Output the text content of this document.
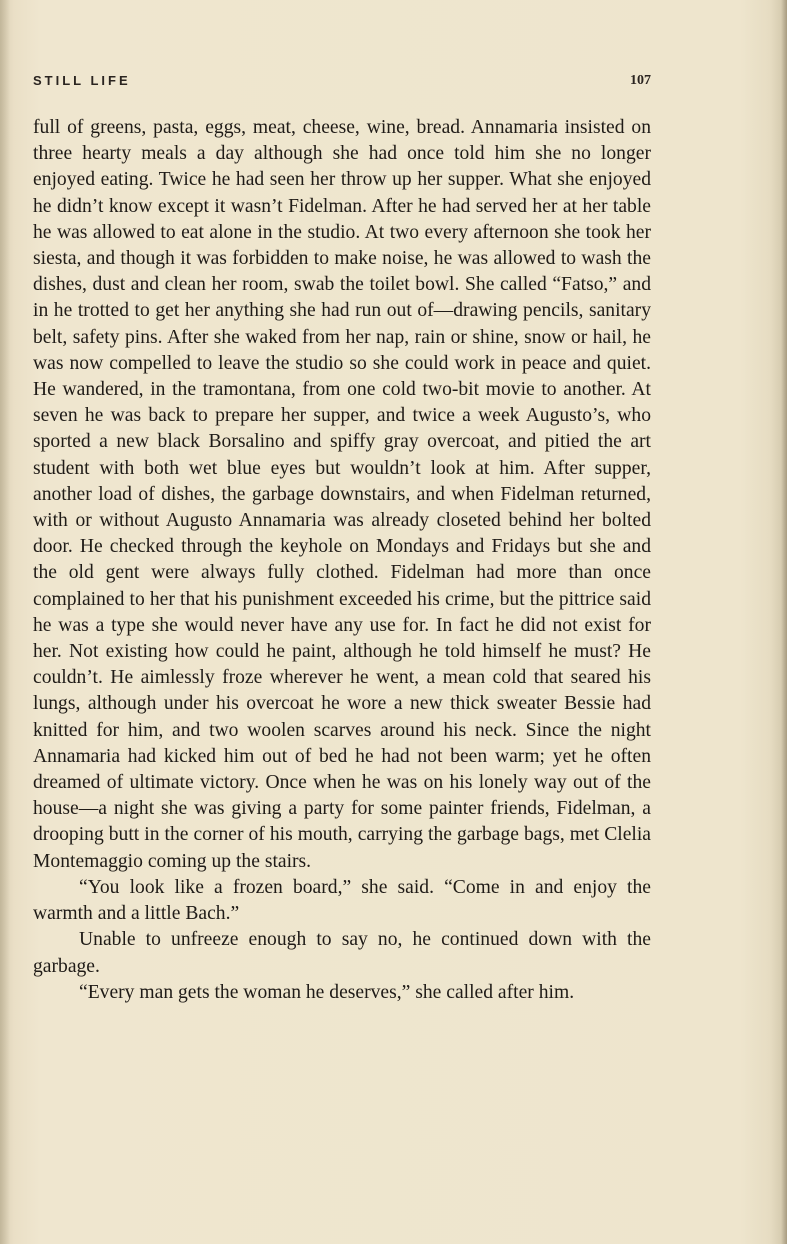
STILL LIFE	107

full of greens, pasta, eggs, meat, cheese, wine, bread. Annamaria insisted on three hearty meals a day although she had once told him she no longer enjoyed eating. Twice he had seen her throw up her supper. What she enjoyed he didn’t know except it wasn’t Fidelman. After he had served her at her table he was allowed to eat alone in the studio. At two every afternoon she took her siesta, and though it was forbidden to make noise, he was allowed to wash the dishes, dust and clean her room, swab the toilet bowl. She called “Fatso,” and in he trotted to get her anything she had run out of—drawing pencils, sanitary belt, safety pins. After she waked from her nap, rain or shine, snow or hail, he was now compelled to leave the studio so she could work in peace and quiet. He wandered, in the tramontana, from one cold two-bit movie to another. At seven he was back to prepare her supper, and twice a week Augusto’s, who sported a new black Borsalino and spiffy gray overcoat, and pitied the art student with both wet blue eyes but wouldn’t look at him. After supper, another load of dishes, the garbage downstairs, and when Fidelman returned, with or without Augusto Annamaria was already closeted behind her bolted door. He checked through the keyhole on Mondays and Fridays but she and the old gent were always fully clothed. Fidelman had more than once complained to her that his punishment exceeded his crime, but the pittrice said he was a type she would never have any use for. In fact he did not exist for her. Not existing how could he paint, although he told himself he must? He couldn’t. He aimlessly froze wherever he went, a mean cold that seared his lungs, although under his overcoat he wore a new thick sweater Bessie had knitted for him, and two woolen scarves around his neck. Since the night Annamaria had kicked him out of bed he had not been warm; yet he often dreamed of ultimate victory. Once when he was on his lonely way out of the house—a night she was giving a party for some painter friends, Fidelman, a drooping butt in the corner of his mouth, carrying the garbage bags, met Clelia Montemaggio coming up the stairs.

“You look like a frozen board,” she said. “Come in and enjoy the warmth and a little Bach.”

Unable to unfreeze enough to say no, he continued down with the garbage.

“Every man gets the woman he deserves,” she called after him.
